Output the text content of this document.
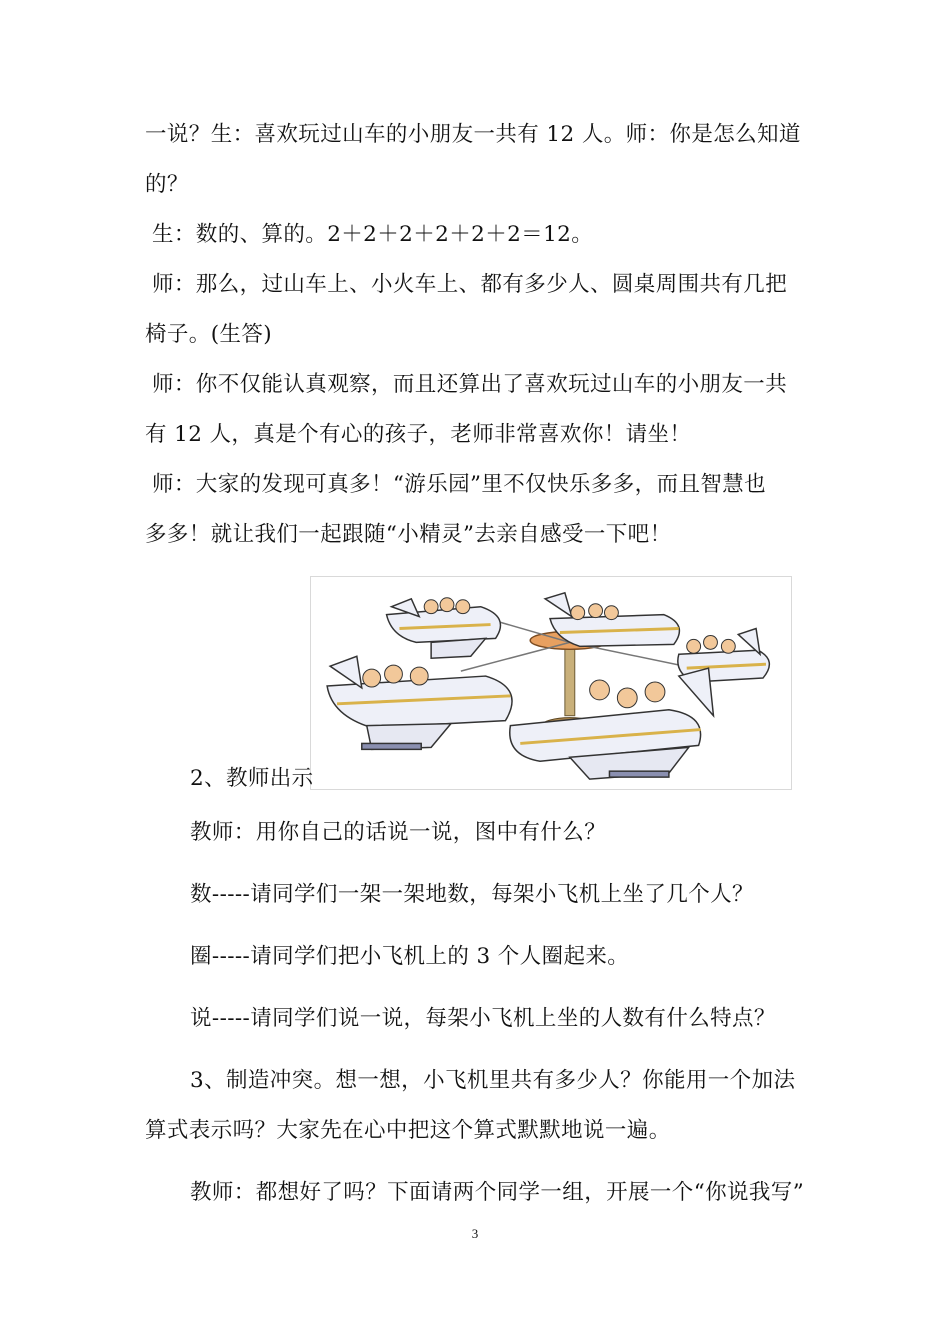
一说？生：喜欢玩过山车的小朋友一共有 12 人。师：你是怎么知道
的？
生：数的、算的。2＋2＋2＋2＋2＋2＝12。
师：那么，过山车上、小火车上、都有多少人、圆桌周围共有几把
椅子。(生答)
师：你不仅能认真观察，而且还算出了喜欢玩过山车的小朋友一共
有 12 人，真是个有心的孩子，老师非常喜欢你！请坐！
师：大家的发现可真多！“游乐园”里不仅快乐多多，而且智慧也
多多！就让我们一起跟随“小精灵”去亲自感受一下吧！
2、教师出示
教师：用你自己的话说一说，图中有什么？
数-----请同学们一架一架地数，每架小飞机上坐了几个人？
圈-----请同学们把小飞机上的 3 个人圈起来。
说-----请同学们说一说，每架小飞机上坐的人数有什么特点？
3、制造冲突。想一想，小飞机里共有多少人？你能用一个加法
算式表示吗？大家先在心中把这个算式默默地说一遍。
教师：都想好了吗？下面请两个同学一组，开展一个“你说我写”
3
